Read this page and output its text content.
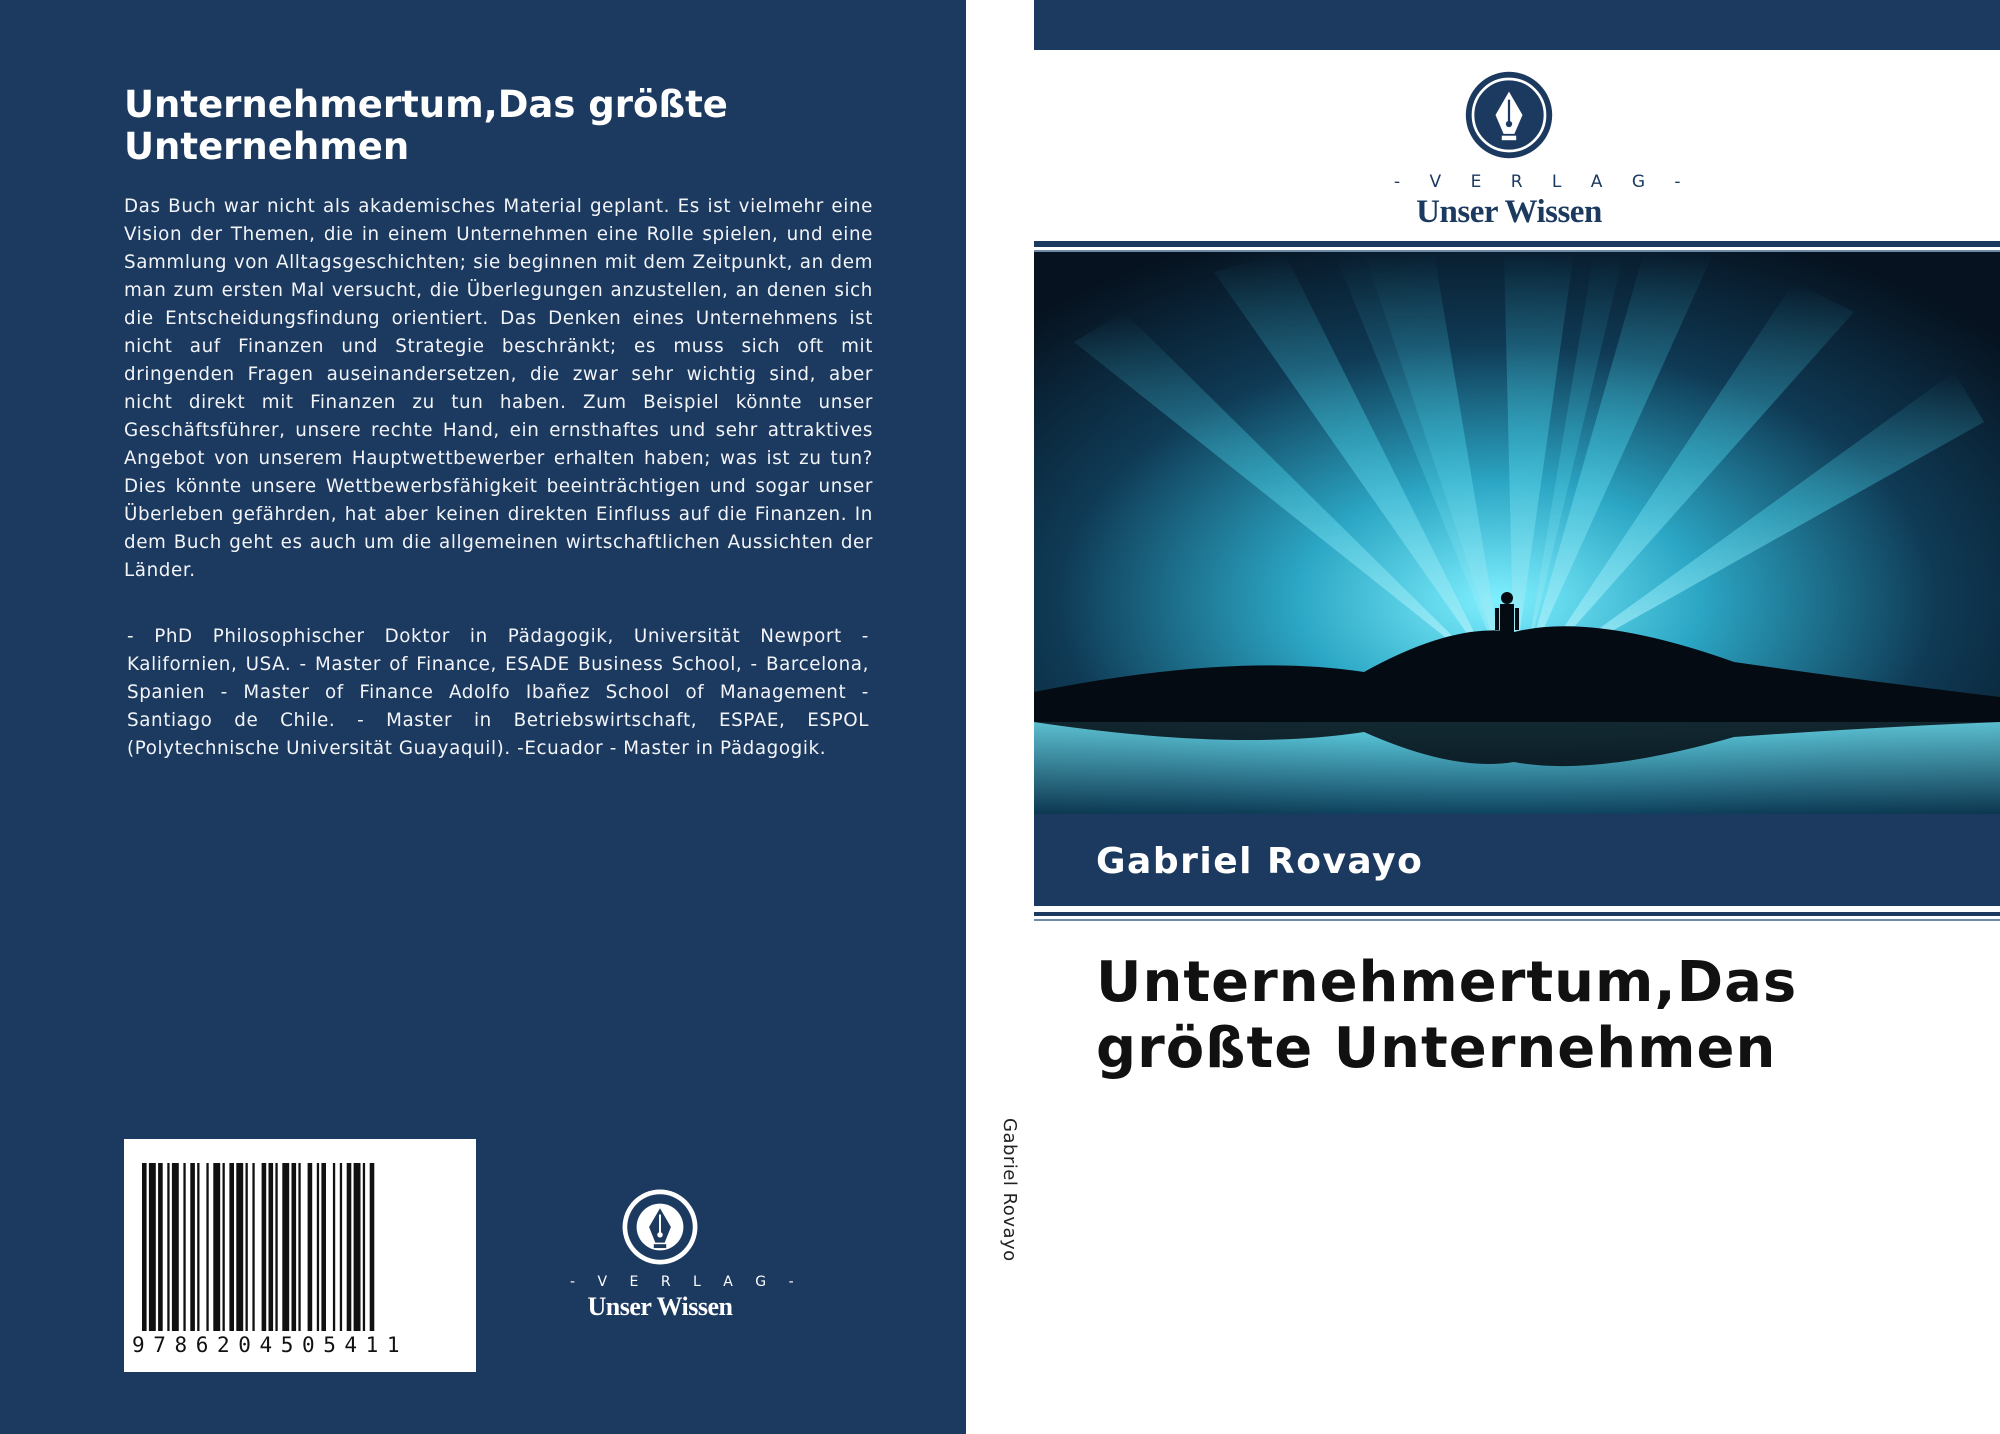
Unternehmertum,Das größte Unternehmen

Das Buch war nicht als akademisches Material geplant. Es ist vielmehr eine Vision der Themen, die in einem Unternehmen eine Rolle spielen, und eine Sammlung von Alltagsgeschichten; sie beginnen mit dem Zeitpunkt, an dem man zum ersten Mal versucht, die Überlegungen anzustellen, an denen sich die Entscheidungsfindung orientiert. Das Denken eines Unternehmens ist nicht auf Finanzen und Strategie beschränkt; es muss sich oft mit dringenden Fragen auseinandersetzen, die zwar sehr wichtig sind, aber nicht direkt mit Finanzen zu tun haben. Zum Beispiel könnte unser Geschäftsführer, unsere rechte Hand, ein ernsthaftes und sehr attraktives Angebot von unserem Hauptwettbewerber erhalten haben; was ist zu tun? Dies könnte unsere Wettbewerbsfähigkeit beeinträchtigen und sogar unser Überleben gefährden, hat aber keinen direkten Einfluss auf die Finanzen. In dem Buch geht es auch um die allgemeinen wirtschaftlichen Aussichten der Länder.

- PhD Philosophischer Doktor in Pädagogik, Universität Newport - Kalifornien, USA. - Master of Finance, ESADE Business School, - Barcelona, Spanien - Master of Finance Adolfo Ibañez School of Management - Santiago de Chile. - Master in Betriebswirtschaft, ESPAE, ESPOL (Polytechnische Universität Guayaquil). -Ecuador - Master in Pädagogik.

9786204505411
- V E R L A G -
Unser Wissen
Gabriel Rovayo
- V E R L A G -
Unser Wissen
Gabriel Rovayo
Unternehmertum,Das größte Unternehmen
